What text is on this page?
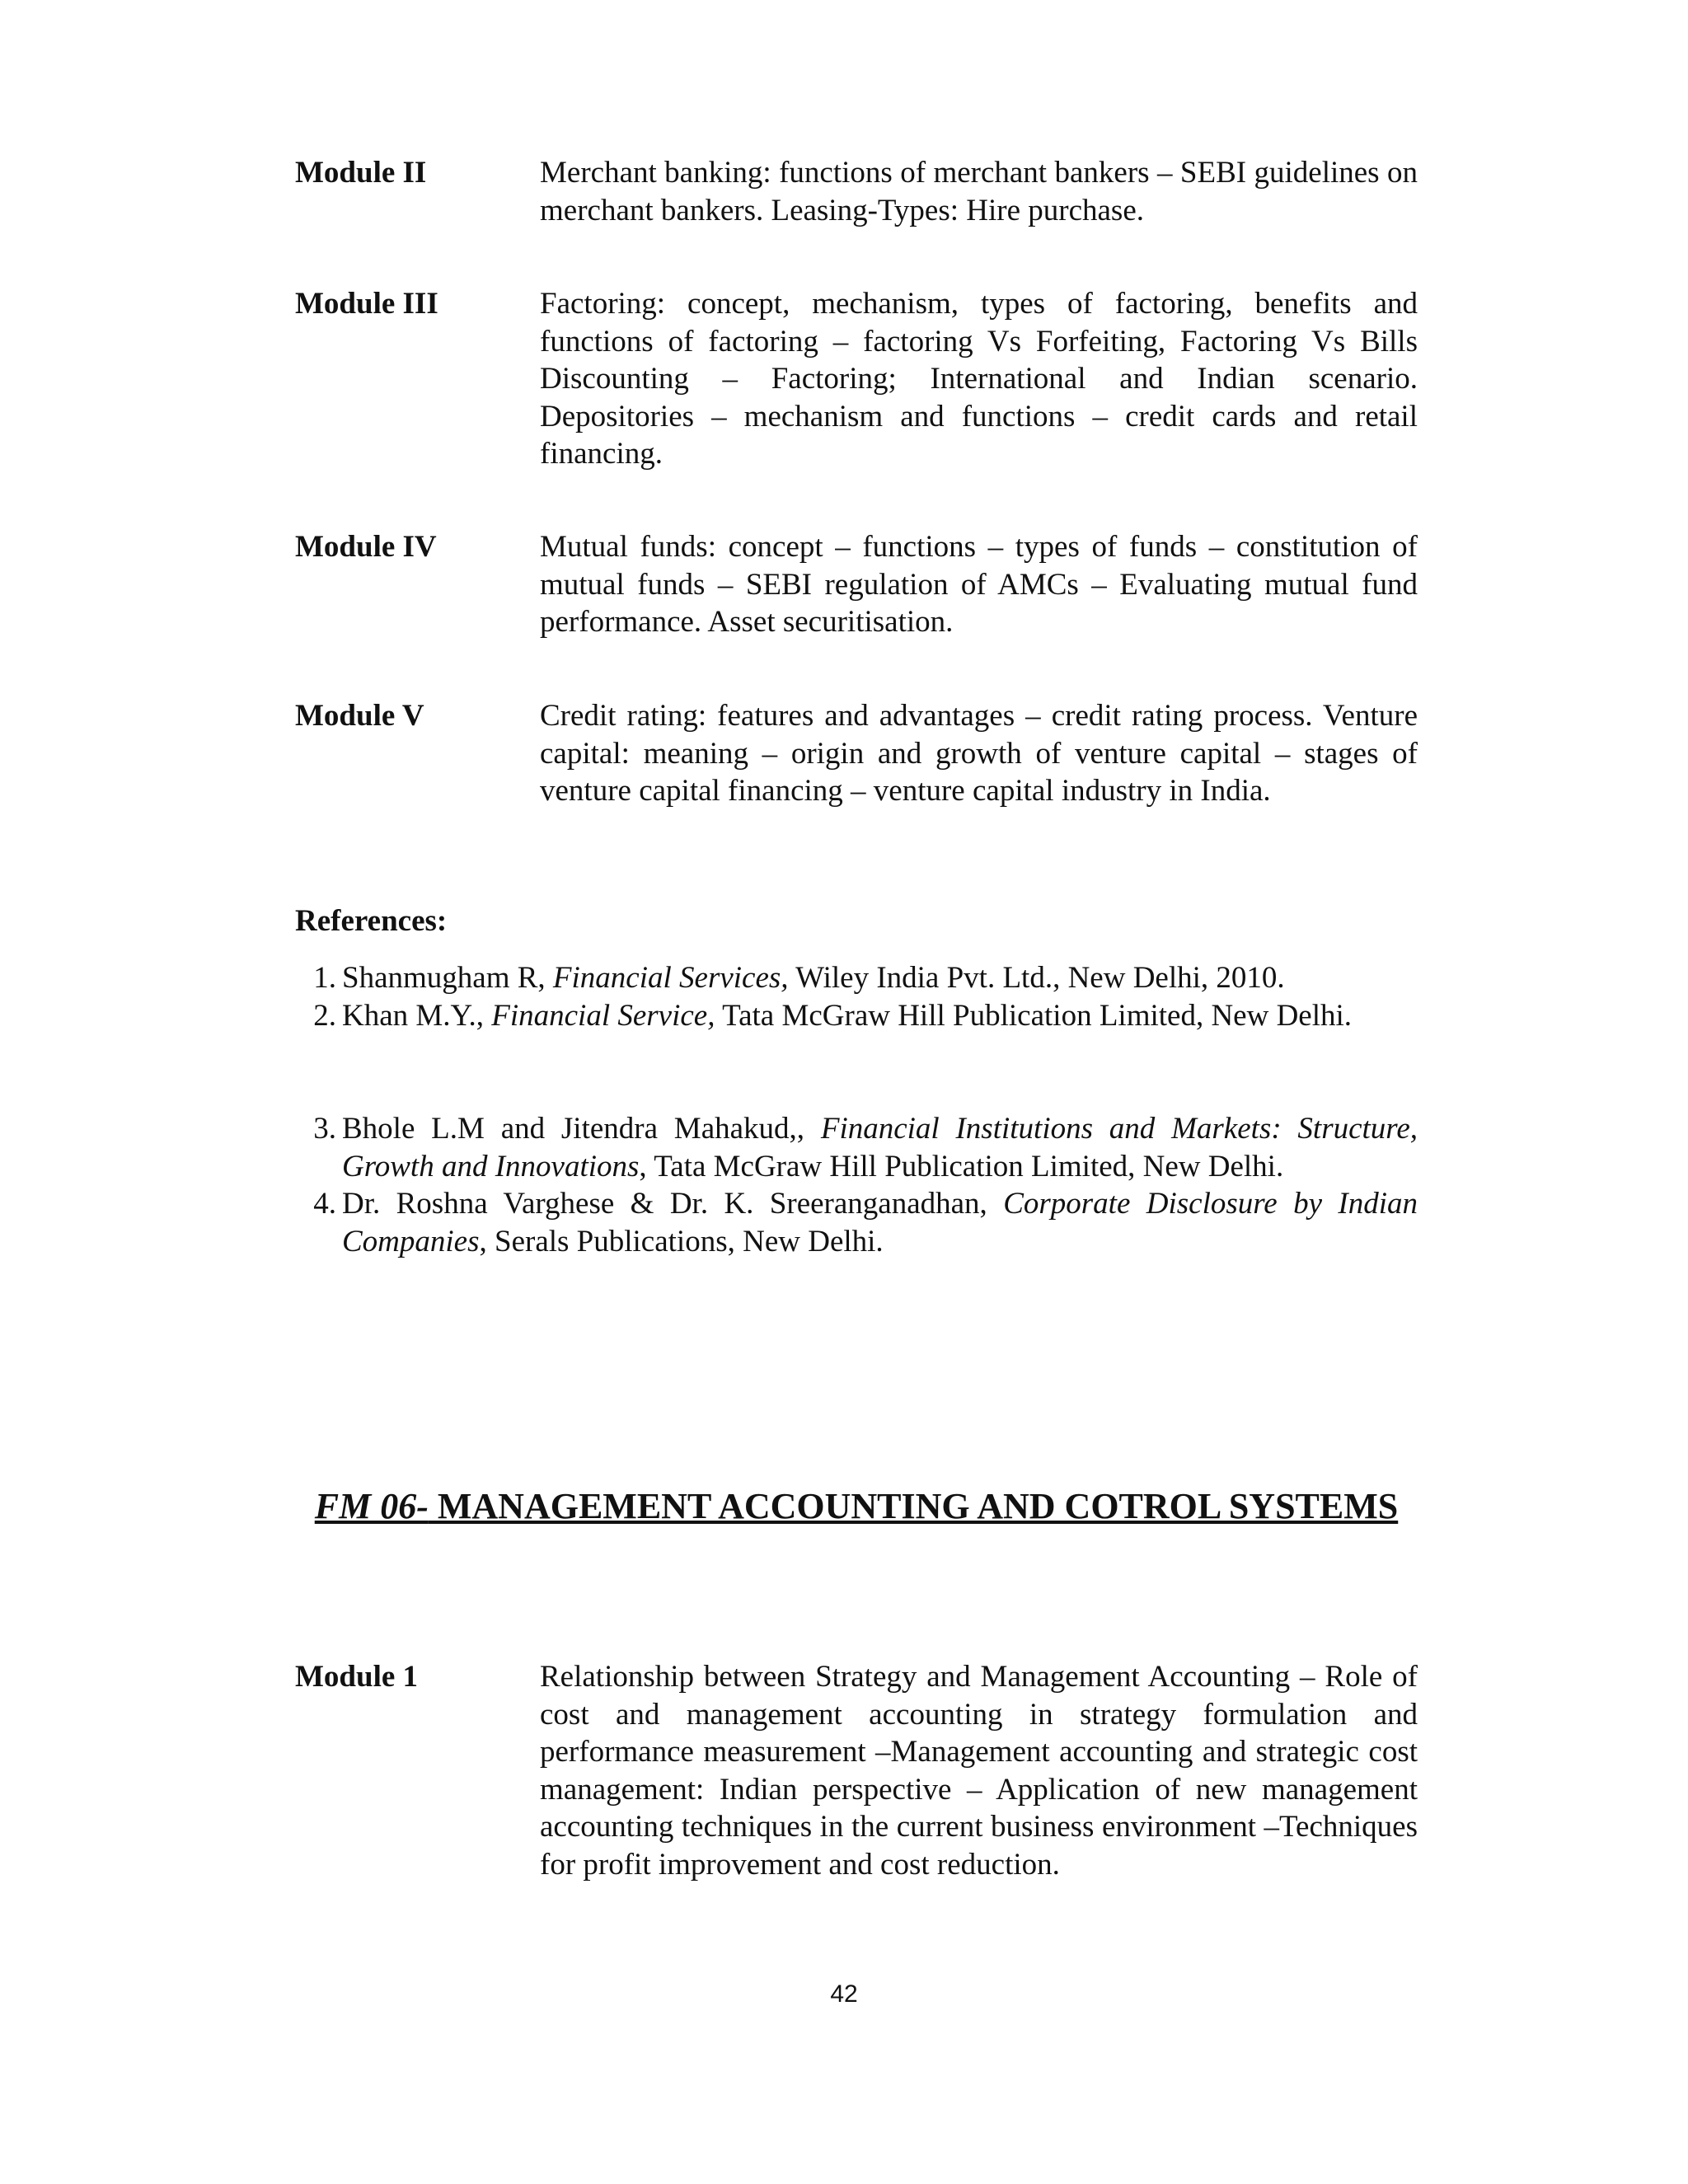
Module II	Merchant banking: functions of merchant bankers – SEBI guidelines on merchant bankers. Leasing-Types: Hire purchase.
Module III	Factoring: concept, mechanism, types of factoring, benefits and functions of factoring – factoring Vs Forfeiting, Factoring Vs Bills Discounting – Factoring; International and Indian scenario. Depositories – mechanism and functions – credit cards and retail financing.
Module IV	Mutual funds: concept – functions – types of funds – constitution of mutual funds – SEBI regulation of AMCs – Evaluating mutual fund performance. Asset securitisation.
Module V	Credit rating: features and advantages – credit rating process. Venture capital: meaning – origin and growth of venture capital – stages of venture capital financing – venture capital industry in India.
References:
1. Shanmugham R, Financial Services, Wiley India Pvt. Ltd., New Delhi, 2010.
2. Khan M.Y., Financial Service, Tata McGraw Hill Publication Limited, New Delhi.
3. Bhole L.M and Jitendra Mahakud,, Financial Institutions and Markets: Structure, Growth and Innovations, Tata McGraw Hill Publication Limited, New Delhi.
4. Dr. Roshna Varghese & Dr. K. Sreeranganadhan, Corporate Disclosure by Indian Companies, Serals Publications, New Delhi.
FM 06- MANAGEMENT ACCOUNTING AND COTROL SYSTEMS
Module 1	Relationship between Strategy and Management Accounting – Role of cost and management accounting in strategy formulation and performance measurement –Management accounting and strategic cost management: Indian perspective – Application of new management accounting techniques in the current business environment –Techniques for profit improvement and cost reduction.
42
